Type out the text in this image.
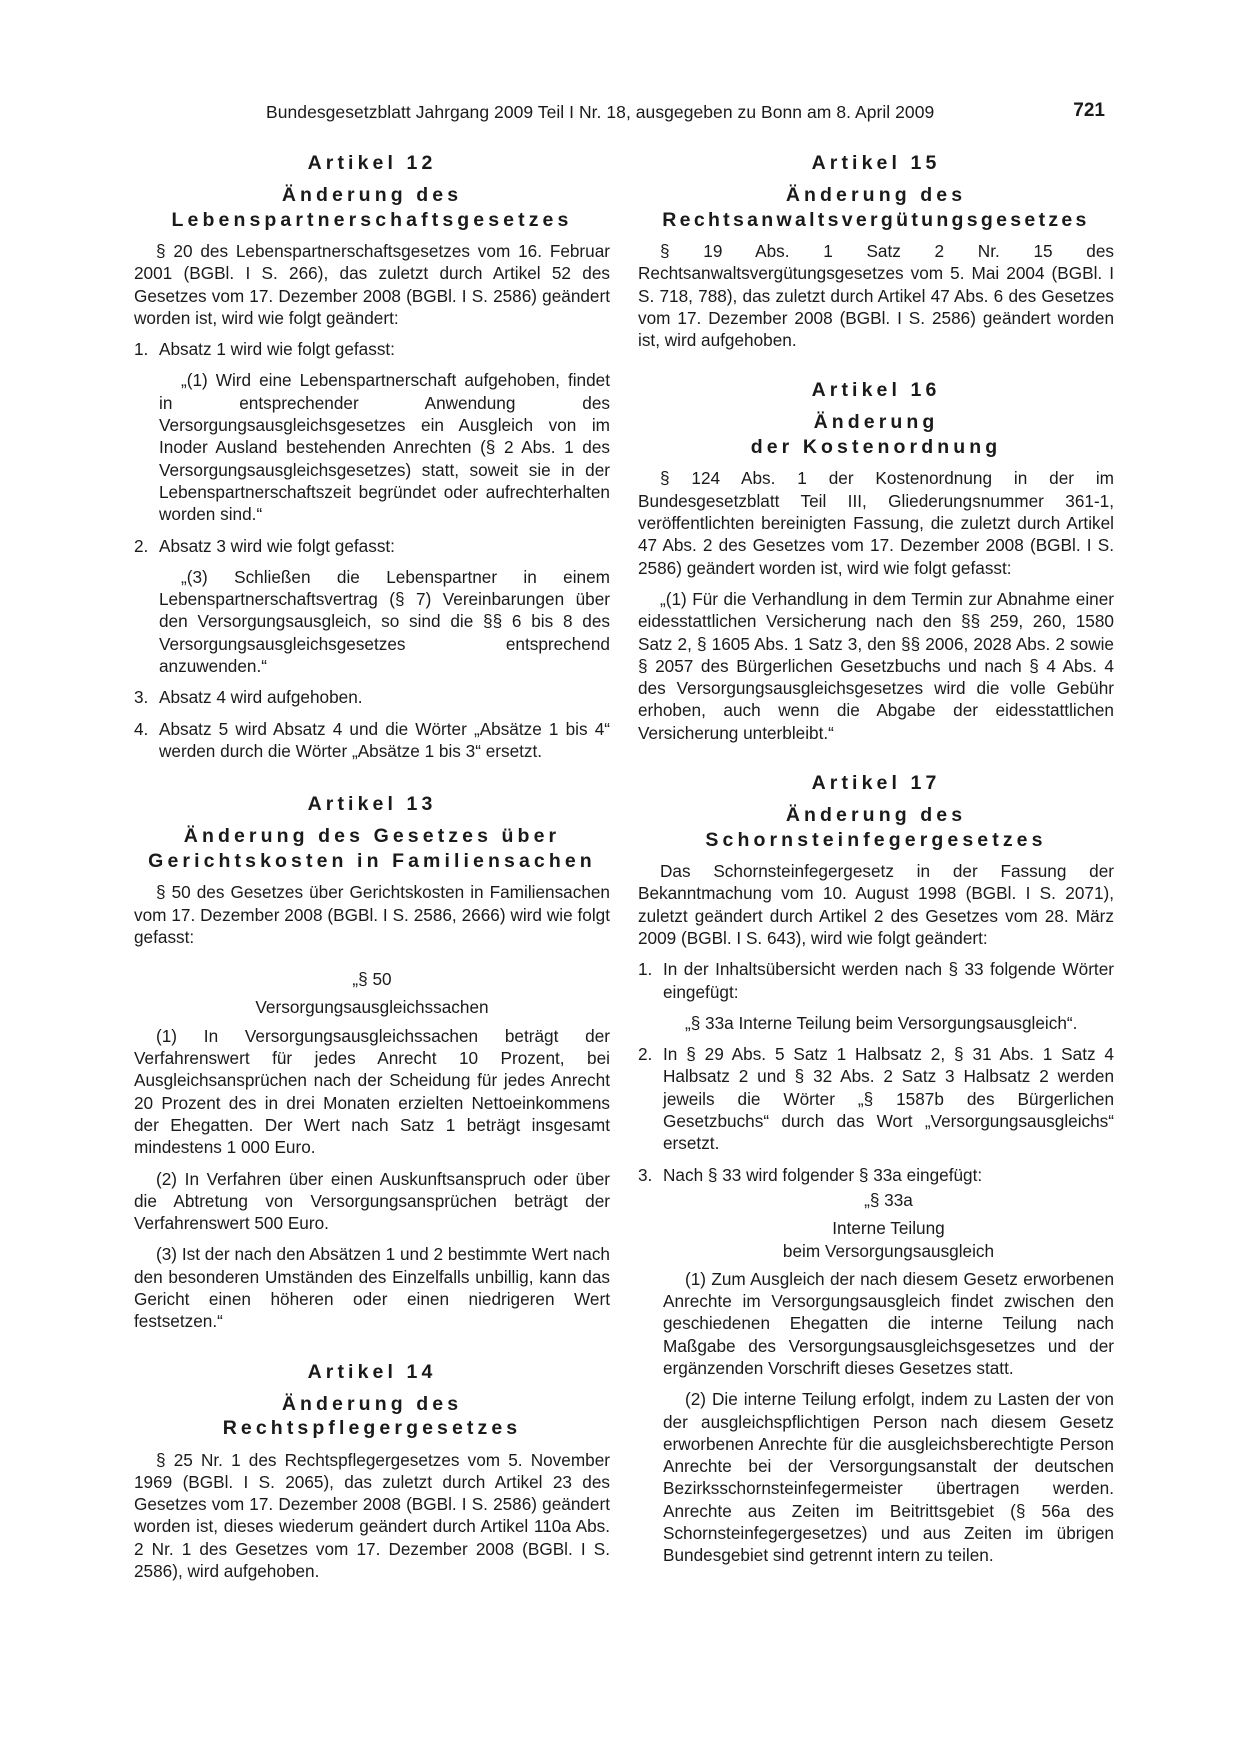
Bundesgesetzblatt Jahrgang 2009 Teil I Nr. 18, ausgegeben zu Bonn am 8. April 2009	721
Artikel 12
Änderung des
Lebenspartnerschaftsgesetzes

§ 20 des Lebenspartnerschaftsgesetzes vom 16. Februar 2001 (BGBl. I S. 266), das zuletzt durch Artikel 52 des Gesetzes vom 17. Dezember 2008 (BGBl. I S. 2586) geändert worden ist, wird wie folgt geändert:

1. Absatz 1 wird wie folgt gefasst:

„(1) Wird eine Lebenspartnerschaft aufgehoben, findet in entsprechender Anwendung des Versorgungsausgleichsgesetzes ein Ausgleich von im Inoder Ausland bestehenden Anrechten (§ 2 Abs. 1 des Versorgungsausgleichsgesetzes) statt, soweit sie in der Lebenspartnerschaftszeit begründet oder aufrechterhalten worden sind.“

2. Absatz 3 wird wie folgt gefasst:

„(3) Schließen die Lebenspartner in einem Lebenspartnerschaftsvertrag (§ 7) Vereinbarungen über den Versorgungsausgleich, so sind die §§ 6 bis 8 des Versorgungsausgleichsgesetzes entsprechend anzuwenden.“

3. Absatz 4 wird aufgehoben.

4. Absatz 5 wird Absatz 4 und die Wörter „Absätze 1 bis 4“ werden durch die Wörter „Absätze 1 bis 3“ ersetzt.

Artikel 13
Änderung des Gesetzes über
Gerichtskosten in Familiensachen

§ 50 des Gesetzes über Gerichtskosten in Familiensachen vom 17. Dezember 2008 (BGBl. I S. 2586, 2666) wird wie folgt gefasst:

„§ 50

Versorgungsausgleichssachen

(1) In Versorgungsausgleichssachen beträgt der Verfahrenswert für jedes Anrecht 10 Prozent, bei Ausgleichsansprüchen nach der Scheidung für jedes Anrecht 20 Prozent des in drei Monaten erzielten Nettoeinkommens der Ehegatten. Der Wert nach Satz 1 beträgt insgesamt mindestens 1 000 Euro.

(2) In Verfahren über einen Auskunftsanspruch oder über die Abtretung von Versorgungsansprüchen beträgt der Verfahrenswert 500 Euro.

(3) Ist der nach den Absätzen 1 und 2 bestimmte Wert nach den besonderen Umständen des Einzelfalls unbillig, kann das Gericht einen höheren oder einen niedrigeren Wert festsetzen.“

Artikel 14
Änderung des
Rechtspflegergesetzes

§ 25 Nr. 1 des Rechtspflegergesetzes vom 5. November 1969 (BGBl. I S. 2065), das zuletzt durch Artikel 23 des Gesetzes vom 17. Dezember 2008 (BGBl. I S. 2586) geändert worden ist, dieses wiederum geändert durch Artikel 110a Abs. 2 Nr. 1 des Gesetzes vom 17. Dezember 2008 (BGBl. I S. 2586), wird aufgehoben.

Artikel 15
Änderung des
Rechtsanwaltsvergütungsgesetzes

§ 19 Abs. 1 Satz 2 Nr. 15 des Rechtsanwaltsvergütungsgesetzes vom 5. Mai 2004 (BGBl. I S. 718, 788), das zuletzt durch Artikel 47 Abs. 6 des Gesetzes vom 17. Dezember 2008 (BGBl. I S. 2586) geändert worden ist, wird aufgehoben.

Artikel 16
Änderung
der Kostenordnung

§ 124 Abs. 1 der Kostenordnung in der im Bundesgesetzblatt Teil III, Gliederungsnummer 361-1, veröffentlichten bereinigten Fassung, die zuletzt durch Artikel 47 Abs. 2 des Gesetzes vom 17. Dezember 2008 (BGBl. I S. 2586) geändert worden ist, wird wie folgt gefasst:

„(1) Für die Verhandlung in dem Termin zur Abnahme einer eidesstattlichen Versicherung nach den §§ 259, 260, 1580 Satz 2, § 1605 Abs. 1 Satz 3, den §§ 2006, 2028 Abs. 2 sowie § 2057 des Bürgerlichen Gesetzbuchs und nach § 4 Abs. 4 des Versorgungsausgleichsgesetzes wird die volle Gebühr erhoben, auch wenn die Abgabe der eidesstattlichen Versicherung unterbleibt.“

Artikel 17
Änderung des
Schornsteinfegergesetzes

Das Schornsteinfegergesetz in der Fassung der Bekanntmachung vom 10. August 1998 (BGBl. I S. 2071), zuletzt geändert durch Artikel 2 des Gesetzes vom 28. März 2009 (BGBl. I S. 643), wird wie folgt geändert:

1. In der Inhaltsübersicht werden nach § 33 folgende Wörter eingefügt:

„§ 33a Interne Teilung beim Versorgungsausgleich“.

2. In § 29 Abs. 5 Satz 1 Halbsatz 2, § 31 Abs. 1 Satz 4 Halbsatz 2 und § 32 Abs. 2 Satz 3 Halbsatz 2 werden jeweils die Wörter „§ 1587b des Bürgerlichen Gesetzbuchs“ durch das Wort „Versorgungsausgleichs“ ersetzt.

3. Nach § 33 wird folgender § 33a eingefügt:

„§ 33a

Interne Teilung

beim Versorgungsausgleich

(1) Zum Ausgleich der nach diesem Gesetz erworbenen Anrechte im Versorgungsausgleich findet zwischen den geschiedenen Ehegatten die interne Teilung nach Maßgabe des Versorgungsausgleichsgesetzes und der ergänzenden Vorschrift dieses Gesetzes statt.

(2) Die interne Teilung erfolgt, indem zu Lasten der von der ausgleichspflichtigen Person nach diesem Gesetz erworbenen Anrechte für die ausgleichsberechtigte Person Anrechte bei der Versorgungsanstalt der deutschen Bezirksschornsteinfegermeister übertragen werden. Anrechte aus Zeiten im Beitrittsgebiet (§ 56a des Schornsteinfegergesetzes) und aus Zeiten im übrigen Bundesgebiet sind getrennt intern zu teilen.
